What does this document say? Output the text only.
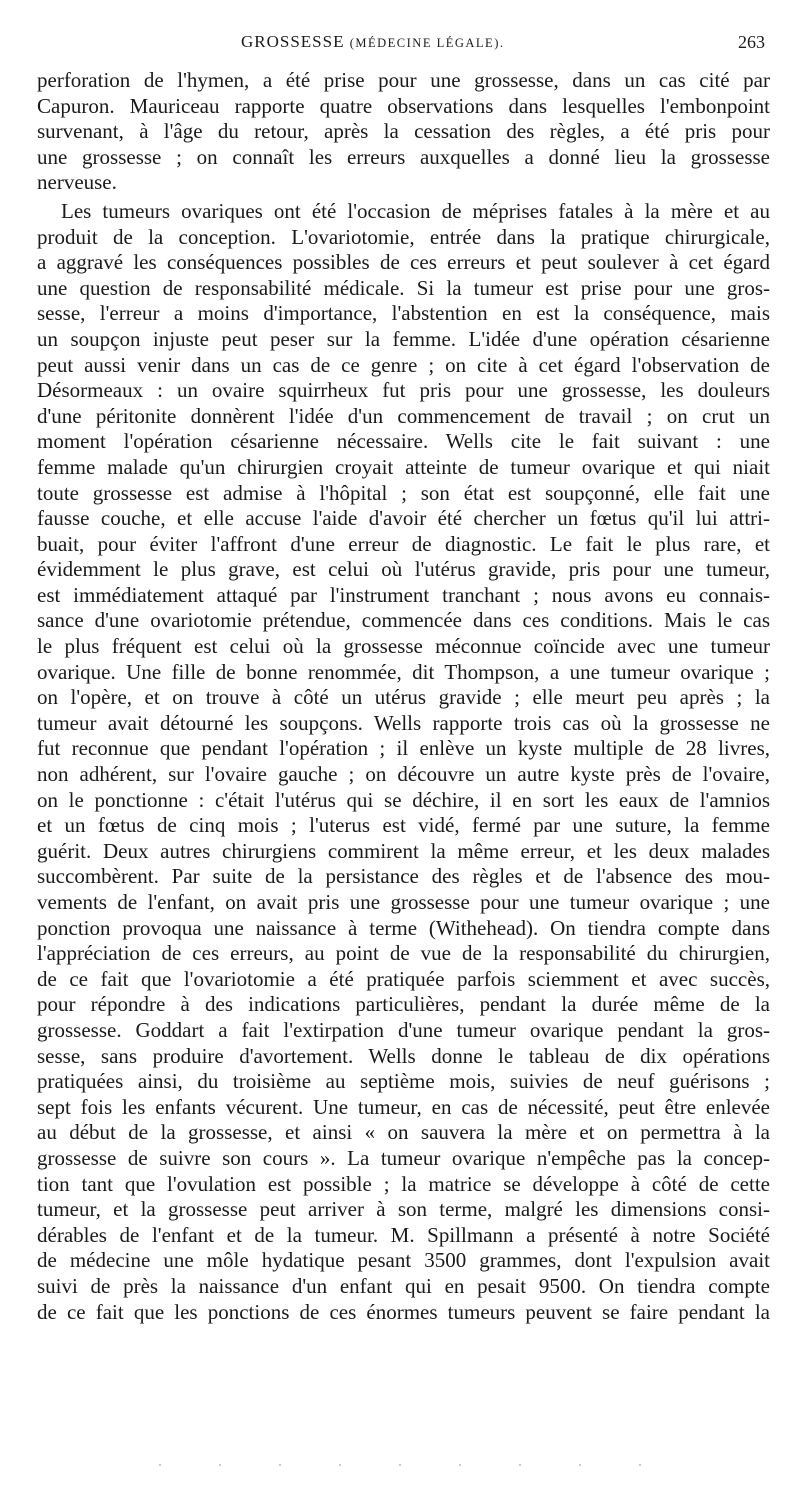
GROSSESSE (MÉDECINE LÉGALE).	263
perforation de l'hymen, a été prise pour une grossesse, dans un cas cité par
Capuron. Mauriceau rapporte quatre observations dans lesquelles l'embonpoint
survenant, à l'âge du retour, après la cessation des règles, a été pris pour
une grossesse ; on connaît les erreurs auxquelles a donné lieu la grossesse
nerveuse.
Les tumeurs ovariques ont été l'occasion de méprises fatales à la mère et au
produit de la conception. L'ovariotomie, entrée dans la pratique chirurgicale,
a aggravé les conséquences possibles de ces erreurs et peut soulever à cet égard
une question de responsabilité médicale. Si la tumeur est prise pour une gros-
sesse, l'erreur a moins d'importance, l'abstention en est la conséquence, mais
un soupçon injuste peut peser sur la femme. L'idée d'une opération césarienne
peut aussi venir dans un cas de ce genre ; on cite à cet égard l'observation de
Désormeaux : un ovaire squirrheux fut pris pour une grossesse, les douleurs
d'une péritonite donnèrent l'idée d'un commencement de travail ; on crut un
moment l'opération césarienne nécessaire. Wells cite le fait suivant : une
femme malade qu'un chirurgien croyait atteinte de tumeur ovarique et qui niait
toute grossesse est admise à l'hôpital ; son état est soupçonné, elle fait une
fausse couche, et elle accuse l'aide d'avoir été chercher un fœtus qu'il lui attri-
buait, pour éviter l'affront d'une erreur de diagnostic. Le fait le plus rare, et
évidemment le plus grave, est celui où l'utérus gravide, pris pour une tumeur,
est immédiatement attaqué par l'instrument tranchant ; nous avons eu connais-
sance d'une ovariotomie prétendue, commencée dans ces conditions. Mais le cas
le plus fréquent est celui où la grossesse méconnue coïncide avec une tumeur
ovarique. Une fille de bonne renommée, dit Thompson, a une tumeur ovarique ;
on l'opère, et on trouve à côté un utérus gravide ; elle meurt peu après ; la
tumeur avait détourné les soupçons. Wells rapporte trois cas où la grossesse ne
fut reconnue que pendant l'opération ; il enlève un kyste multiple de 28 livres,
non adhérent, sur l'ovaire gauche ; on découvre un autre kyste près de l'ovaire,
on le ponctionne : c'était l'utérus qui se déchire, il en sort les eaux de l'amnios
et un fœtus de cinq mois ; l'uterus est vidé, fermé par une suture, la femme
guérit. Deux autres chirurgiens commirent la même erreur, et les deux malades
succombèrent. Par suite de la persistance des règles et de l'absence des mou-
vements de l'enfant, on avait pris une grossesse pour une tumeur ovarique ; une
ponction provoqua une naissance à terme (Withehead). On tiendra compte dans
l'appréciation de ces erreurs, au point de vue de la responsabilité du chirurgien,
de ce fait que l'ovariotomie a été pratiquée parfois sciemment et avec succès,
pour répondre à des indications particulières, pendant la durée même de la
grossesse. Goddart a fait l'extirpation d'une tumeur ovarique pendant la gros-
sesse, sans produire d'avortement. Wells donne le tableau de dix opérations
pratiquées ainsi, du troisième au septième mois, suivies de neuf guérisons ;
sept fois les enfants vécurent. Une tumeur, en cas de nécessité, peut être enlevée
au début de la grossesse, et ainsi « on sauvera la mère et on permettra à la
grossesse de suivre son cours ». La tumeur ovarique n'empêche pas la concep-
tion tant que l'ovulation est possible ; la matrice se développe à côté de cette
tumeur, et la grossesse peut arriver à son terme, malgré les dimensions consi-
dérables de l'enfant et de la tumeur. M. Spillmann a présenté à notre Société
de médecine une môle hydatique pesant 3500 grammes, dont l'expulsion avait
suivi de près la naissance d'un enfant qui en pesait 9500. On tiendra compte
de ce fait que les ponctions de ces énormes tumeurs peuvent se faire pendant la
